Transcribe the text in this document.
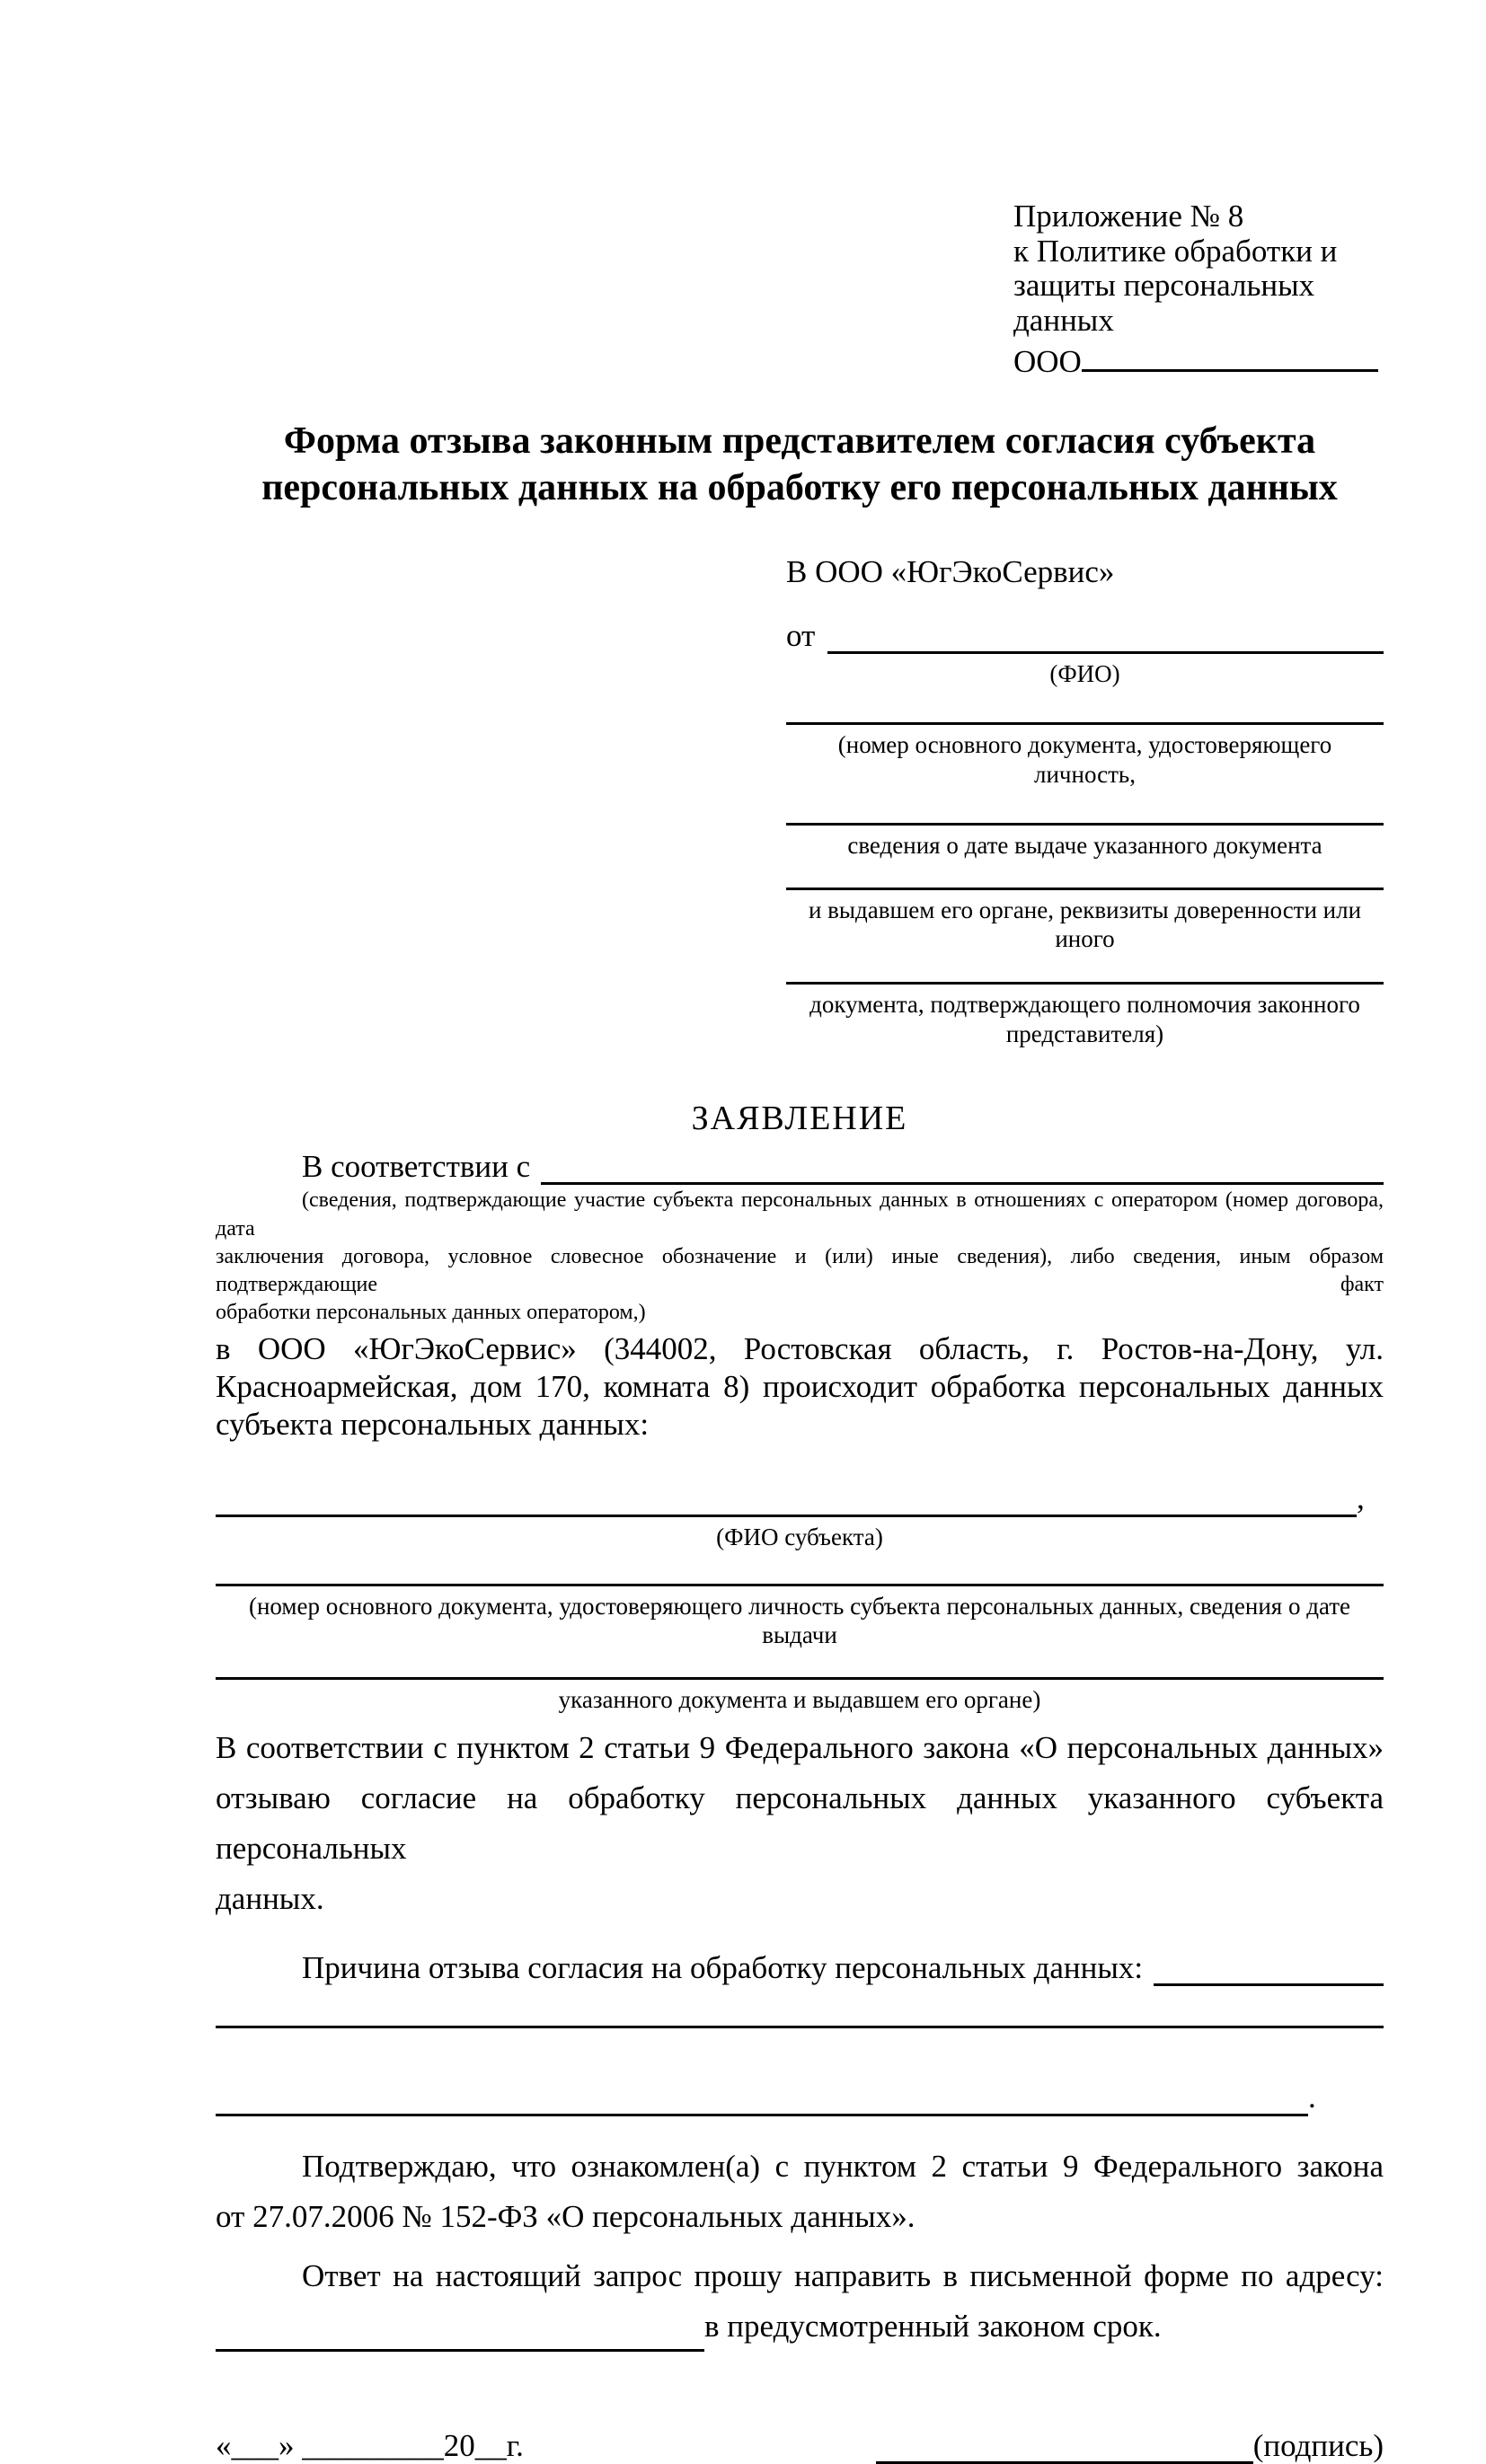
Приложение № 8
к Политике обработки и
защиты персональных данных
ООО
Форма отзыва законным представителем согласия субъекта персональных данных на обработку его персональных данных
В ООО «ЮгЭкоСервис»
от
(ФИО)
(номер основного документа, удостоверяющего личность,
сведения о дате выдаче указанного документа
и выдавшем его органе, реквизиты доверенности или иного
документа, подтверждающего полномочия законного представителя)
ЗАЯВЛЕНИЕ
В соответствии с
(сведения, подтверждающие участие субъекта персональных данных в отношениях с оператором (номер договора, дата
заключения договора, условное словесное обозначение и (или) иные сведения), либо сведения, иным образом подтверждающие факт
обработки персональных данных оператором,)
в ООО «ЮгЭкоСервис» (344002, Ростовская область, г. Ростов-на-Дону, ул.
Красноармейская, дом 170, комната 8) происходит обработка персональных данных
субъекта персональных данных:
,
(ФИО субъекта)
(номер основного документа, удостоверяющего личность субъекта персональных данных, сведения о дате выдачи
указанного документа и выдавшем его органе)
В соответствии с пунктом 2 статьи 9 Федерального закона «О персональных данных»
отзываю согласие на обработку персональных данных указанного субъекта персональных
данных.
Причина отзыва согласия на обработку персональных данных:
.
Подтверждаю, что ознакомлен(а) с пунктом 2 статьи 9 Федерального закона
от 27.07.2006 № 152-ФЗ «О персональных данных».
Ответ на настоящий запрос прошу направить в письменной форме по адресу:
в предусмотренный законом срок.
«___» _________20__г.	(подпись)
